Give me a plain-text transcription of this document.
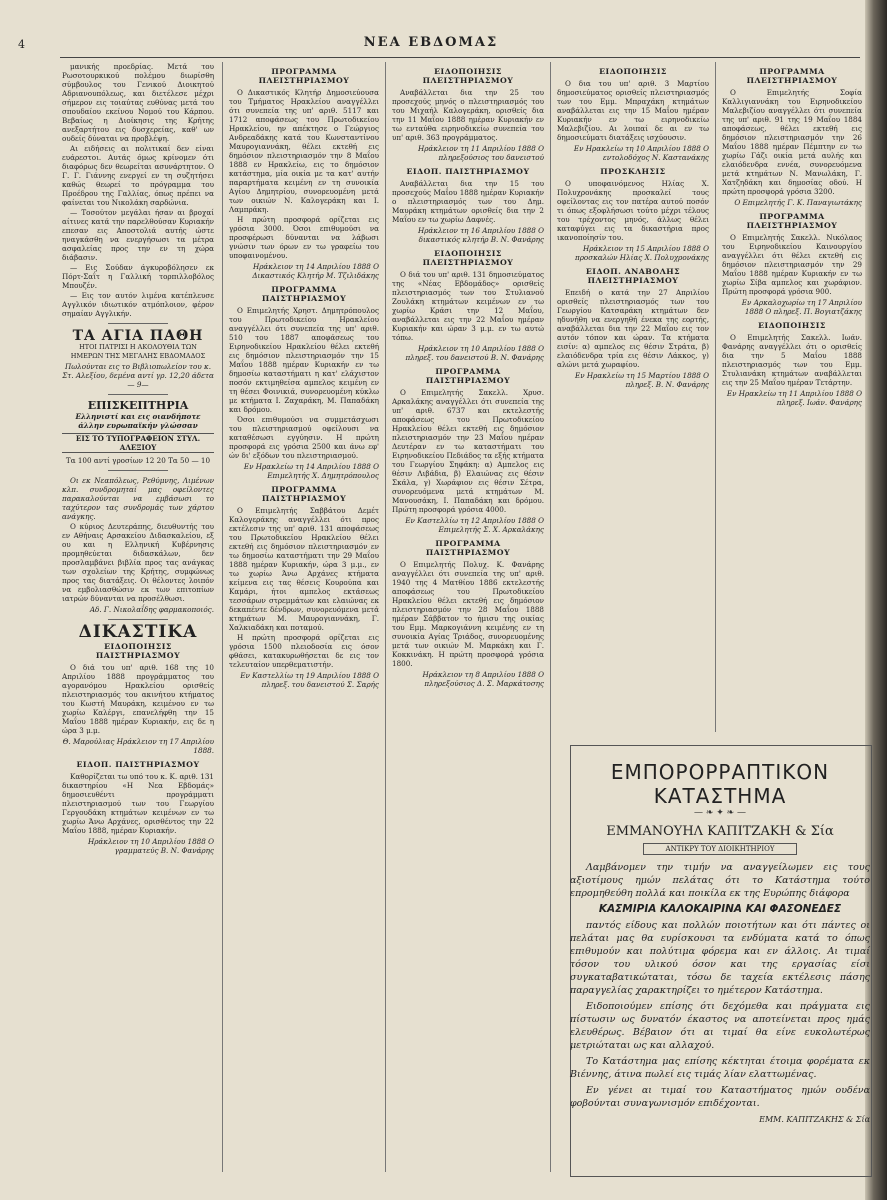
4	ΝΕΑ ΕΒΔΟΜΑΣ

μανικής προεδρίας. Μετά του Ρωσοτουρκικού πολέμου διωρίσθη σύμβουλος του Γενικού Διοικητού Αδριανουπόλεως, και διετέλεσε μέχρι σήμερον εις τοιαύτας ευθύνας μετά του σπουδαίου εκείνου Νομού του Κάρπου. Βεβαίως η Διοίκησις της Κρήτης ανεξαρτήτου εις δυσχερείας, καθ' ων ουδείς δύναται να προβλέψη.

Αι ειδήσεις αι πολιτικαί δεν είναι ευάρεστοι. Αυτάς όμως κρίνομεν ότι διαφόρως δεν θεωρείται ασυνάρτητον. Ο Γ. Γ. Γιάννης ενεργεί εν τη συζητήσει καθώς θεωρεί το πρόγραμμα του Προέδρου της Γαλλίας, όπως πρέπει να φαίνεται του Νικολάκη σαρδώνια.

— Τοσούτον μεγάλαι ήσαν αι βροχαί αίτινες κατά την παρελθούσαν Κυριακήν επεσαν εις Αποστολιά αυτής ώστε ηναγκάσθη να ενεργήσωσι τα μέτρα ασφαλείας προς την εν τη χώρα διάβασιν.

— Εις Σούδαν άγκυροβόλησεν εκ Πόρτ-Σαΐτ η Γαλλική τορπιλλοβόλος Μπουζέν.

— Εις τον αυτόν λιμένα κατέπλευσε Αγγλικόν ιδιωτικόν ατμόπλοιον, φέρον σημαίαν Αγγλικήν.

ΤΑ ΑΓΙΑ ΠΑΘΗ
ΗΤΟΙ ΠΑΤΡΙΣΙ Η ΑΚΟΛΟΥΘΙΑ ΤΩΝ ΗΜΕΡΩΝ ΤΗΣ ΜΕΓΑΛΗΣ ΕΒΔΟΜΑΔΟΣ
Πωλούνται εις το Βιβλιοπωλείον του κ. Στ. Αλεξίου, δεμένα αντί γρ. 12,20 άδετα — 9—
ΕΠΙΣΚΕΠΤΗΡΙΑ
Ελληνιστί και εις οιανδήποτε άλλην ευρωπαϊκήν γλώσσαν
ΕΙΣ ΤΟ ΤΥΠΟΓΡΑΦΕΙΟΝ ΣΤΥΛ. ΑΛΕΞΙΟΥ
Τα 100 αντί γροσίων 12 20 Τα 50 — 10

Οι εκ Νεαπόλεως, Ρεθύμνης, Λιμένων κλπ. συνδρομηταί μας οφείλοντες παρακαλούνται να εμβάσωσι το ταχύτερον τας συνδρομάς των χάρτου ανάγκης.

Ο κύριος Δευτεράπης, διευθυντής του εν Αθήναις Αρσακείου Διδασκαλείου, εξ ου και η Ελληνική Κυβέρνησις προμηθεύεται διδασκάλων, δεν προσλαμβάνει βιβλία προς τας ανάγκας των σχολείων της Κρήτης, συμφώνως προς τας διατάξεις. Οι θέλοντες λοιπόν να εμβολιασθώσιν εκ των επιτοπίων ιατρών δύνανται να προσέλθωσι.

Αδ. Γ. Νικολαΐδης φαρμακοποιός.
ΔΙΚΑΣΤΙΚΑ
ΕΙΔΟΠΟΙΗΣΙΣ ΠΑΙΣΤΗΡΙΑΣΜΟΥ

Ο διά του υπ' αριθ. 168 της 10 Απριλίου 1888 προγράμματος του αγορανόμου Ηρακλείου ορισθείς πλειστηριασμός του ακινήτου κτήματος του Κωστή Μαυράκη, κειμένου εν τω χωρίω Καλέργι, επανελήφθη την 15 Μαΐου 1888 ημέραν Κυριακήν, εις δε η ώρα 3 μ.μ.

Θ. Μαρούλιας Ηράκλειον τη 17 Απριλίου 1888.
ΕΙΔΟΠ. ΠΑΙΣΤΗΡΙΑΣΜΟΥ

Καθορίζεται τω υπό του κ. Κ. αριθ. 131 δικαστηρίου «Η Νεα Εβδομάς» δημοσιευθέντι προγράμματι πλειστηριασμού των του Γεωργίου Γεργουδάκη κτημάτων κειμένων εν τω χωρίω Άνω Αρχάνες, ορισθέντος την 22 Μαΐου 1888, ημέραν Κυριακήν.

Ηράκλειον τη 10 Απριλίου 1888 Ο γραμματεύς Β. Ν. Φανάρης
ΠΡΟΓΡΑΜΜΑ ΠΛΕΙΣΤΗΡΙΑΣΜΟΥ

Ο Δικαστικός Κλητήρ Δημοσιεύουσα του Τμήματος Ηρακλείου αναγγέλλει ότι συνεπεία της υπ' αριθ. 5117 και 1712 αποφάσεως του Πρωτοδικείου Ηρακλείου, ην απέκτησε ο Γεώργιος Ανδρεαδάκης κατά του Κωνσταντίνου Μαυρογιαννάκη, θέλει εκτεθή εις δημόσιον πλειστηριασμόν την 8 Μαΐου 1888 εν Ηρακλείω, εις το δημόσιον κατάστημα, μία οικία με τα κατ' αυτήν παραρτήματα κειμένη εν τη συνοικία Αγίου Δημητρίου, συνορευομένη μετά των οικιών Ν. Καλογεράκη και Ι. Λαμπράκη.

Η πρώτη προσφορά ορίζεται εις γρόσια 3000. Όσοι επιθυμούσι να προσφέρωσι δύνανται να λάβωσι γνώσιν των όρων εν τω γραφείω του υποφαινομένου.

Ηράκλειον τη 14 Απριλίου 1888 Ο Δικαστικός Κλητήρ Μ. Τζιλιδάκης
ΠΡΟΓΡΑΜΜΑ ΠΑΙΣΤΗΡΙΑΣΜΟΥ

Ο Επιμελητής Χρηστ. Δημητρόπουλος του Πρωτοδικείου Ηρακλείου αναγγέλλει ότι συνεπεία της υπ' αριθ. 510 του 1887 αποφάσεως του Ειρηνοδικείου Ηρακλείου θέλει εκτεθή εις δημόσιον πλειστηριασμόν την 15 Μαΐου 1888 ημέραν Κυριακήν εν τω δημοσίω καταστήματι η κατ' ελάχιστον ποσόν εκτιμηθείσα αμπελος κειμένη εν τη θέσει Φοινικιά, συνορευομένη κύκλω με κτήματα Ι. Ζαχαράκη, Μ. Παπαδάκη και δρόμου.

Όσοι επιθυμούσι να συμμετάσχωσι του πλειστηριασμού οφείλουσι να καταθέσωσι εγγύησιν. Η πρώτη προσφορά εις γρόσια 2500 και άνω εφ' ών δι' εξόδων του πλειστηριασμού.

Εν Ηρακλείω τη 14 Απριλίου 1888 Ο Επιμελητής Χ. Δημητρόπουλος
ΠΡΟΓΡΑΜΜΑ ΠΑΙΣΤΗΡΙΑΣΜΟΥ

Ο Επιμελητής Σαββάτου Δεμέτ Καλογεράκης αναγγέλλει ότι προς εκτέλεσιν της υπ' αριθ. 131 αποφάσεως του Πρωτοδικείου Ηρακλείου θέλει εκτεθή εις δημόσιον πλειστηριασμόν εν τω δημοσίω καταστήματι την 29 Μαΐου 1888 ημέραν Κυριακήν, ώρα 3 μ.μ., εν τω χωρίω Άνω Αρχάνες κτήματα κείμενα εις τας θέσεις Κουρούπα και Καμάρι, ήτοι αμπελος εκτάσεως τεσσάρων στρεμμάτων και ελαιώνας εκ δεκαπέντε δένδρων, συνορευόμενα μετά κτημάτων Μ. Μαυρογιαννάκη, Γ. Χαλκιαδάκη και ποταμού.

Η πρώτη προσφορά ορίζεται εις γρόσια 1500 πλειοδοσία εις όσον φθάσει, κατακυρωθήσεται δε εις τον τελευταίον υπερθεματιστήν.

Εν Καστελλίω τη 19 Απριλίου 1888 Ο πληρεξ. του δανειστού Σ. Σαρής
ΕΙΔΟΠΟΙΗΣΙΣ ΠΛΕΙΣΤΗΡΙΑΣΜΟΥ

Αναβάλλεται δια την 25 του προσεχούς μηνός ο πλειστηριασμός του του Μιχαήλ Καλογεράκη, ορισθείς δια την 11 Μαΐου 1888 ημέραν Κυριακήν εν τω ενταύθα ειρηνοδικείω συνεπεία του υπ' αριθ. 363 προγράμματος.

Ηράκλειον τη 11 Απριλίου 1888 Ο πληρεξούσιος του δανειστού
ΕΙΔΟΠ. ΠΑΙΣΤΗΡΙΑΣΜΟΥ

Αναβάλλεται δια την 15 του προσεχούς Μαΐου 1888 ημέραν Κυριακήν ο πλειστηριασμός των του Δημ. Μαυράκη κτημάτων ορισθείς δια την 2 Μαΐου εν τω χωρίω Δαφνές.

Ηράκλειον τη 16 Απριλίου 1888 Ο δικαστικός κλητήρ Β. Ν. Φανάρης
ΕΙΔΟΠΟΙΗΣΙΣ ΠΛΕΙΣΤΗΡΙΑΣΜΟΥ

Ο διά του υπ' αριθ. 131 δημοσιεύματος της «Νέας Εβδομάδος» ορισθείς πλειστηριασμός των του Στυλιανού Ζουλάκη κτημάτων κειμένων εν τω χωρίω Κράσι την 12 Μαΐου, αναβάλλεται εις την 22 Μαΐου ημέραν Κυριακήν και ώραν 3 μ.μ. εν τω αυτώ τόπω.

Ηράκλειον τη 10 Απριλίου 1888 Ο πληρεξ. του δανειστού Β. Ν. Φανάρης
ΠΡΟΓΡΑΜΜΑ ΠΑΙΣΤΗΡΙΑΣΜΟΥ

Ο Επιμελητής Σακελλ. Χρυσ. Αρκαλάκης αναγγέλλει ότι συνεπεία της υπ' αριθ. 6737 και εκτελεστής αποφάσεως του Πρωτοδικείου Ηρακλείου θέλει εκτεθή εις δημόσιον πλειστηριασμόν την 23 Μαΐου ημέραν Δευτέραν εν τω καταστήματι του Ειρηνοδικείου Πεδιάδος τα εξής κτήματα του Γεωργίου Σηφάκη: α) Αμπελος εις θέσιν Λιβάδια, β) Ελαιώνας εις θέσιν Σκάλα, γ) Χωράφιον εις θέσιν Σέτρα, συνορευόμενα μετά κτημάτων Μ. Μανουσάκη, Ι. Παπαδάκη και δρόμου. Πρώτη προσφορά γρόσια 4000.

Εν Καστελλίω τη 12 Απριλίου 1888 Ο Επιμελητής Σ. Χ. Αρκαλάκης
ΠΡΟΓΡΑΜΜΑ ΠΑΙΣΤΗΡΙΑΣΜΟΥ

Ο Επιμελητής Πολυχ. Κ. Φανάρης αναγγέλλει ότι συνεπεία της υπ' αριθ. 1940 της 4 Ματθίου 1886 εκτελεστής αποφάσεως του Πρωτοδικείου Ηρακλείου θέλει εκτεθή εις δημόσιον πλειστηριασμόν την 28 Μαΐου 1888 ημέραν Σάββατον το ήμισυ της οικίας του Εμμ. Μαρκογιάννη κειμένης εν τη συνοικία Αγίας Τριάδος, συνορευομένης μετά των οικιών Μ. Μαρκάκη και Γ. Κοκκινάκη. Η πρώτη προσφορά γρόσια 1800.

Ηράκλειον τη 8 Απριλίου 1888 Ο πληρεξούσιος Δ. Σ. Μαρκάτοσης
ΕΙΔΟΠΟΙΗΣΙΣ

Ο δια του υπ' αριθ. 3 Μαρτίου δημοσιεύματος ορισθείς πλειστηριασμός των του Εμμ. Μπραχάκη κτημάτων αναβάλλεται εις την 15 Μαΐου ημέραν Κυριακήν εν τω ειρηνοδικείω Μαλεβιζίου. Αι λοιπαί δε αι εν τω δημοσιεύματι διατάξεις ισχύουσιν.

Εν Ηρακλείω τη 10 Απριλίου 1888 Ο εντολοδόχος Ν. Καστανάκης
ΠΡΟΣΚΛΗΣΙΣ

Ο υποφαινόμενος Ηλίας Χ. Πολυχρονάκης προσκαλεί τους οφείλοντας εις τον πατέρα αυτού ποσόν τι όπως εξοφλήσωσι τούτο μέχρι τέλους του τρέχοντος μηνός, άλλως θέλει καταφύγει εις τα δικαστήρια προς ικανοποίησίν του.

Ηράκλειον τη 15 Απριλίου 1888 Ο προσκαλών Ηλίας Χ. Πολυχρονάκης
ΕΙΔΟΠ. ΑΝΑΒΟΛΗΣ ΠΛΕΙΣΤΗΡΙΑΣΜΟΥ

Επειδή ο κατά την 27 Απριλίου ορισθείς πλειστηριασμός των του Γεωργίου Κατσαράκη κτημάτων δεν ηδυνήθη να ενεργηθή ένεκα της εορτής, αναβάλλεται δια την 22 Μαΐου εις τον αυτόν τόπον και ώραν. Τα κτήματα εισίν: α) αμπελος εις θέσιν Στράτα, β) ελαιόδενδρα τρία εις θέσιν Λάκκος, γ) αλώνι μετά χωραφίου.

Εν Ηρακλείω τη 15 Μαρτίου 1888 Ο πληρεξ. Β. Ν. Φανάρης
ΠΡΟΓΡΑΜΜΑ ΠΛΕΙΣΤΗΡΙΑΣΜΟΥ

Ο Επιμελητής Σοφία Καλλιγιαννάκη του Ειρηνοδικείου Μαλεβιζίου αναγγέλλει ότι συνεπεία της υπ' αριθ. 91 της 19 Μαΐου 1884 αποφάσεως, θέλει εκτεθή εις δημόσιον πλειστηριασμόν την 26 Μαΐου 1888 ημέραν Πέμπτην εν τω χωρίω Γάζι οικία μετά αυλής και ελαιόδενδρα εννέα, συνορευόμενα μετά κτημάτων Ν. Μανωλάκη, Γ. Χατζηδάκη και δημοσίας οδού. Η πρώτη προσφορά γρόσια 3200.

Ο Επιμελητής Γ. Κ. Παναγιωτάκης
ΠΡΟΓΡΑΜΜΑ ΠΛΕΙΣΤΗΡΙΑΣΜΟΥ

Ο Επιμελητής Σακελλ. Νικόλαος του Ειρηνοδικείου Καινουργίου αναγγέλλει ότι θέλει εκτεθή εις δημόσιον πλειστηριασμόν την 29 Μαΐου 1888 ημέραν Κυριακήν εν τω χωρίω Σίβα αμπελος και χωράφιον. Πρώτη προσφορά γρόσια 900.

Εν Αρκαλοχωρίω τη 17 Απριλίου 1888 Ο πληρεξ. Π. Βογιατζάκης
ΕΙΔΟΠΟΙΗΣΙΣ

Ο Επιμελητής Σακελλ. Ιωάν. Φανάρης αναγγέλλει ότι ο ορισθείς δια την 5 Μαΐου 1888 πλειστηριασμός των του Εμμ. Στυλιανάκη κτημάτων αναβάλλεται εις την 25 Μαΐου ημέραν Τετάρτην.

Εν Ηρακλείω τη 11 Απριλίου 1888 Ο πληρεξ. Ιωάν. Φανάρης
ΕΜΠΟΡΟΡΡΑΠΤΙΚΟΝ ΚΑΤΑΣΤΗΜΑ
— ❧ ✦ ❧ —
ΕΜΜΑΝΟΥΗΛ ΚΑΠΙΤΖΑΚΗ & Σία
ΑΝΤΙΚΡΥ ΤΟΥ ΔΙΟΙΚΗΤΗΡΙΟΥ

Λαμβάνομεν την τιμήν να αναγγείλωμεν εις τους αξιοτίμους ημών πελάτας ότι το Κατάστημα τούτο επρομηθεύθη πολλά και ποικίλα εκ της Ευρώπης διάφορα

ΚΑΣΜΙΡΙΑ ΚΑΛΟΚΑΙΡΙΝΑ ΚΑΙ ΦΑΣΟΝΕΔΕΣ

παντός είδους και πολλών ποιοτήτων και ότι πάντες οι πελάται μας θα ευρίσκουσι τα ενδύματα κατά το όπως επιθυμούν και πολύτιμα φόρεμα και εν άλλοις. Αι τιμαί τόσον του υλικού όσον και της εργασίας είσι συγκαταβατικώταται, τόσω δε ταχεία εκτέλεσις πάσης παραγγελίας χαρακτηρίζει το ημέτερον Κατάστημα.

Ειδοποιούμεν επίσης ότι δεχόμεθα και πράγματα εις πίστωσιν ως δυνατόν έκαστος να αποτείνεται προς ημάς ελευθέρως. Βέβαιον ότι αι τιμαί θα είνε ευκολωτέρως μετριώταται ως και αλλαχού.

Το Κατάστημα μας επίσης κέκτηται έτοιμα φορέματα εκ Βιέννης, άτινα πωλεί εις τιμάς λίαν ελαττωμένας.

Εν γένει αι τιμαί του Καταστήματος ημών ουδένα φοβούνται συναγωνισμόν επιδέχονται.

ΕΜΜ. ΚΑΠΙΤΖΑΚΗΣ & Σία
